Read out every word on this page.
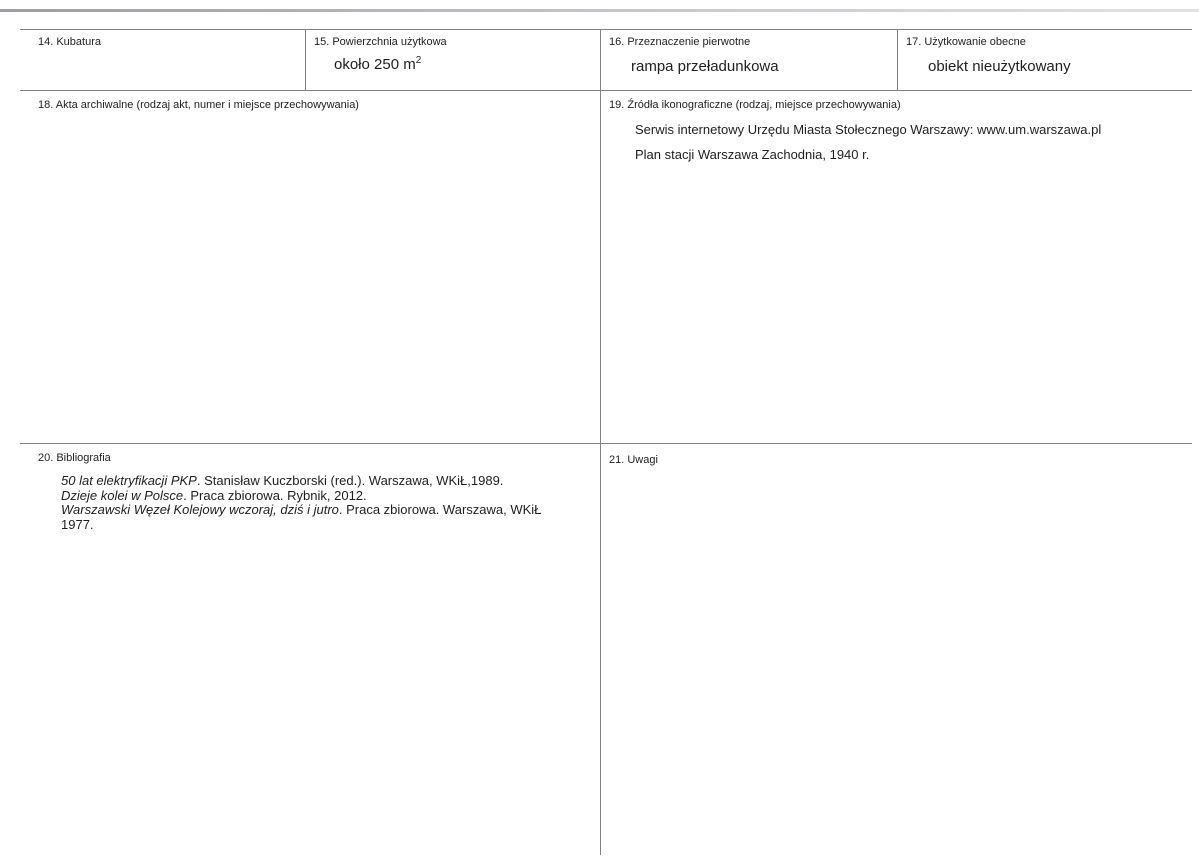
14. Kubatura	15. Powierzchnia użytkowa
około 250 $m^2$
16. Przeznaczenie pierwotne
rampa przeładunkowa
17. Użytkowanie obecne
obiekt nieużytkowany
18. Akta archiwalne (rodzaj akt, numer i miejsce przechowywania)	19. Źródła ikonograficzne (rodzaj, miejsce przechowywania)
Serwis internetowy Urzędu Miasta Stołecznego Warszawy: www.um.warszawa.pl
Plan stacji Warszawa Zachodnia, 1940 r.
20. Bibliografia

50 lat elektryfikacji PKP. Stanisław Kuczborski (red.). Warszawa, WKiŁ,1989.

Dzieje kolei w Polsce. Praca zbiorowa. Rybnik, 2012.

Warszawski Węzeł Kolejowy wczoraj, dziś i jutro. Praca zbiorowa. Warszawa, WKiŁ 1977.

21. Uwagi
